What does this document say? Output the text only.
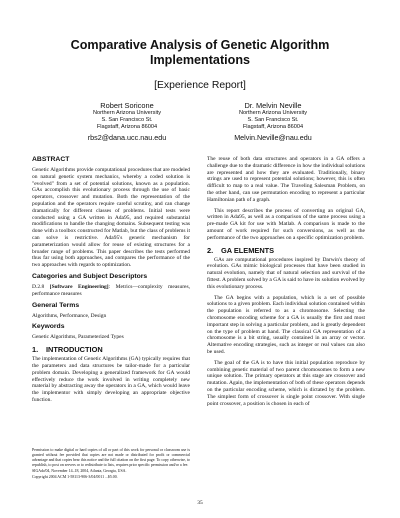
Comparative Analysis of Genetic Algorithm
Implementations
[Experience Report]
Robert Soricone
Northern Arizona University
S. San Francisco St.
Flagstaff, Arizona 86004
rbs2@dana.ucc.nau.edu
Dr. Melvin Neville
Northern Arizona University
S. San Francisco St.
Flagstaff, Arizona 86004
Melvin.Neville@nau.edu
ABSTRACT

Genetic Algorithms provide computational procedures that are modeled on natural genetic system mechanics, whereby a coded solution is "evolved" from a set of potential solutions, known as a population. GAs accomplish this evolutionary process through the use of basic operators, crossover and mutation. Both the representation of the population and the operators require careful scrutiny, and can change dramatically for different classes of problems. Initial tests were conducted using a GA written in Ada95, and required substantial modifications to handle the changing domains. Subsequent testing was done with a toolbox constructed for Matlab, but the class of problems it can solve is restrictive. Ada95's generic mechanism for parameterization would allow for reuse of existing structures for a broader range of problems. This paper describes the tests performed thus far using both approaches, and compares the performance of the two approaches with regards to optimization.

Categories and Subject Descriptors

D.2.8 [Software Engineering]: Metrics—complexity measures, performance measures

General Terms

Algorithms, Performance, Design

Keywords

Genetic Algorithms, Parameterized Types

1. INTRODUCTION

The implementation of Genetic Algorithms (GA) typically requires that the parameters and data structures be tailor-made for a particular problem domain. Developing a generalized framework for GA would effectively reduce the work involved in writing completely new material by abstracting away the operators in a GA, which would leave the implementor with simply developing an appropriate objective function.

The reuse of both data structures and operators in a GA offers a challenge due to the dramatic difference in how the individual solutions are represented and how they are evaluated. Traditionally, binary strings are used to represent potential solutions; however, this is often difficult to map to a real value. The Traveling Salesman Problem, on the other hand, can use permutation encoding to represent a particular Hamiltonian path of a graph.

This report describes the process of converting an original GA, written in Ada95, as well as a comparison of the same process using a pre-made GA kit for use with Matlab. A comparison is made to the amount of work required for such conversions, as well as the performance of the two approaches on a specific optimization problem.

2. GA ELEMENTS

GAs are computational procedures inspired by Darwin's theory of evolution. GAs mimic biological processes that have been studied in natural evolution, namely that of natural selection and survival of the fittest. A problem solved by a GA is said to have its solution evolved by this evolutionary process.

The GA begins with a population, which is a set of possible solutions to a given problem. Each individual solution contained within the population is referred to as a chromosome. Selecting the chromosome encoding scheme for a GA is usually the first and most important step in solving a particular problem, and is greatly dependent on the type of problem at hand. The classical GA representation of a chromosome is a bit string, usually contained in an array or vector. Alternative encoding strategies, such as integer or real values can also be used.

The goal of the GA is to have this initial population reproduce by combining genetic material of two parent chromosomes to form a new unique solution. The primary operators at this stage are crossover and mutation. Again, the implementation of both of these operators depends on the particular encoding scheme, which is dictated by the problem. The simplest form of crossover is single point crossover. With single point crossover, a position is chosen in each of

Permission to make digital or hard copies of all or part of this work for personal or classroom use is granted without fee provided that copies are not made or distributed for profit or commercial advantage and that copies bear this notice and the full citation on the first page. To copy otherwise, to republish, to post on servers or to redistribute to lists, requires prior specific permission and/or a fee.
SIGAda'04, November 14–18, 2004, Atlanta, Georgia, USA.
Copyright 2004 ACM 1-58113-906-3/04/0011 ...$5.00.
35
